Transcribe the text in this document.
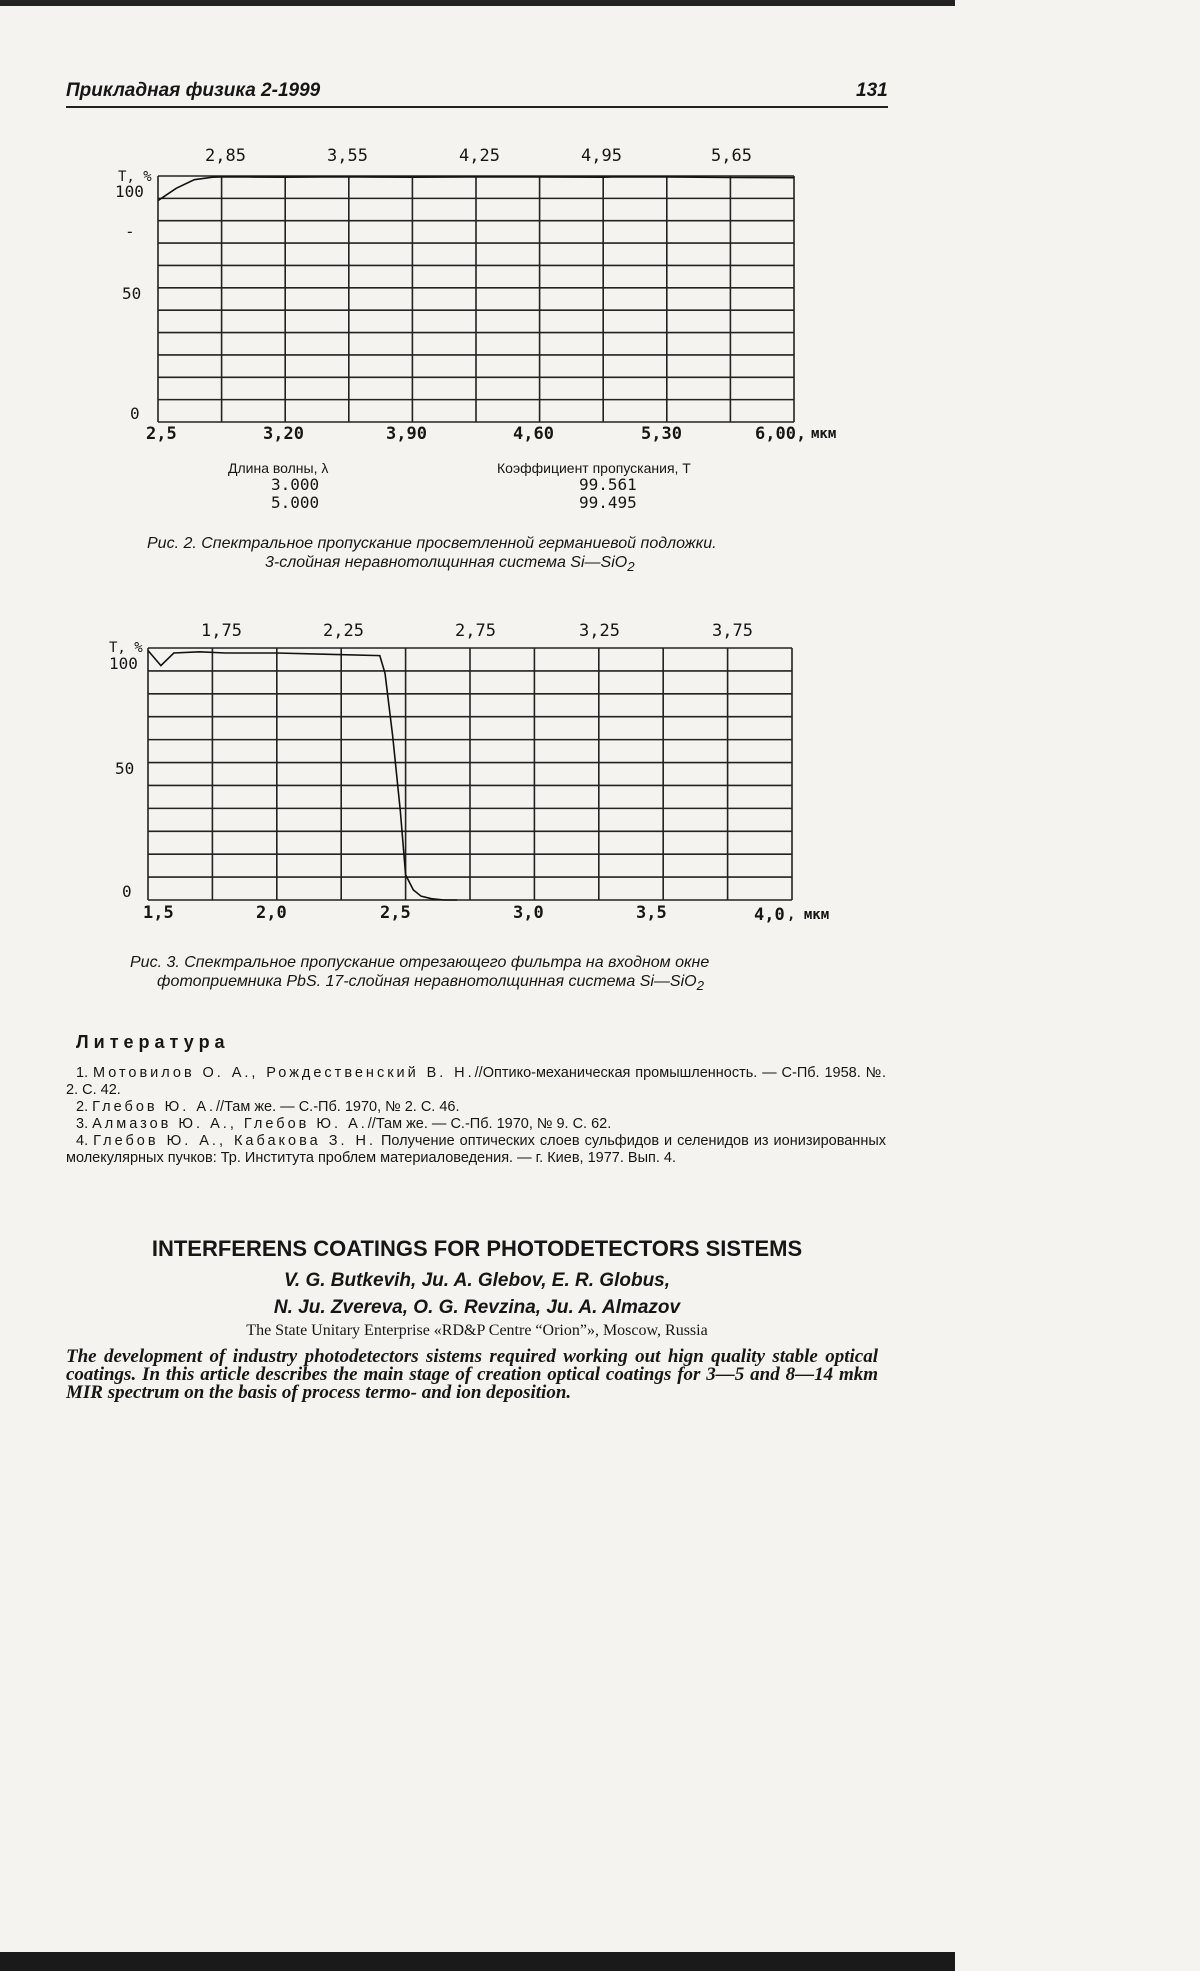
Прикладная физика 2-1999	131
T, %
100
-
50
0
2,85	3,55	4,25	4,95	5,65
2,5	3,20	3,90	4,60	5,30	6,00, мкм
Длина волны, λ	Коэффициент пропускания, T
3.000	99.561
5.000	99.495
Рис. 2. Спектральное пропускание просветленной германиевой подложки.
3-слойная неравнотолщинная система Si—SiO$_2$
T, %
100
50
0
1,75	2,25	2,75	3,25	3,75
1,5	2,0	2,5	3,0	3,5	4,0 , мкм
Рис. 3. Спектральное пропускание отрезающего фильтра на входном окне
фотоприемника PbS. 17-слойная неравнотолщинная система Si—SiO$_2$
Литература

1. Мотовилов О. А., Рождественский В. Н.//Оптико-механическая промышленность. — С-Пб. 1958. №. 2. С. 42.

2. Глебов Ю. А.//Там же. — С.-Пб. 1970, № 2. С. 46.

3. Алмазов Ю. А., Глебов Ю. А.//Там же. — С.-Пб. 1970, № 9. С. 62.

4. Глебов Ю. А., Кабакова З. Н. Получение оптических слоев сульфидов и селенидов из ионизированных молекулярных пучков: Тр. Института проблем материаловедения. — г. Киев, 1977. Вып. 4.

INTERFERENS COATINGS FOR PHOTODETECTORS SISTEMS
V. G. Butkevih, Ju. A. Glebov, E. R. Globus,
N. Ju. Zvereva, O. G. Revzina, Ju. A. Almazov
The State Unitary Enterprise «RD&P Centre “Orion”», Moscow, Russia
The development of industry photodetectors sistems required working out hign quality stable optical coatings. In this article describes the main stage of creation optical coatings for 3—5 and 8—14 mkm MIR spectrum on the basis of process termo- and ion deposition.
